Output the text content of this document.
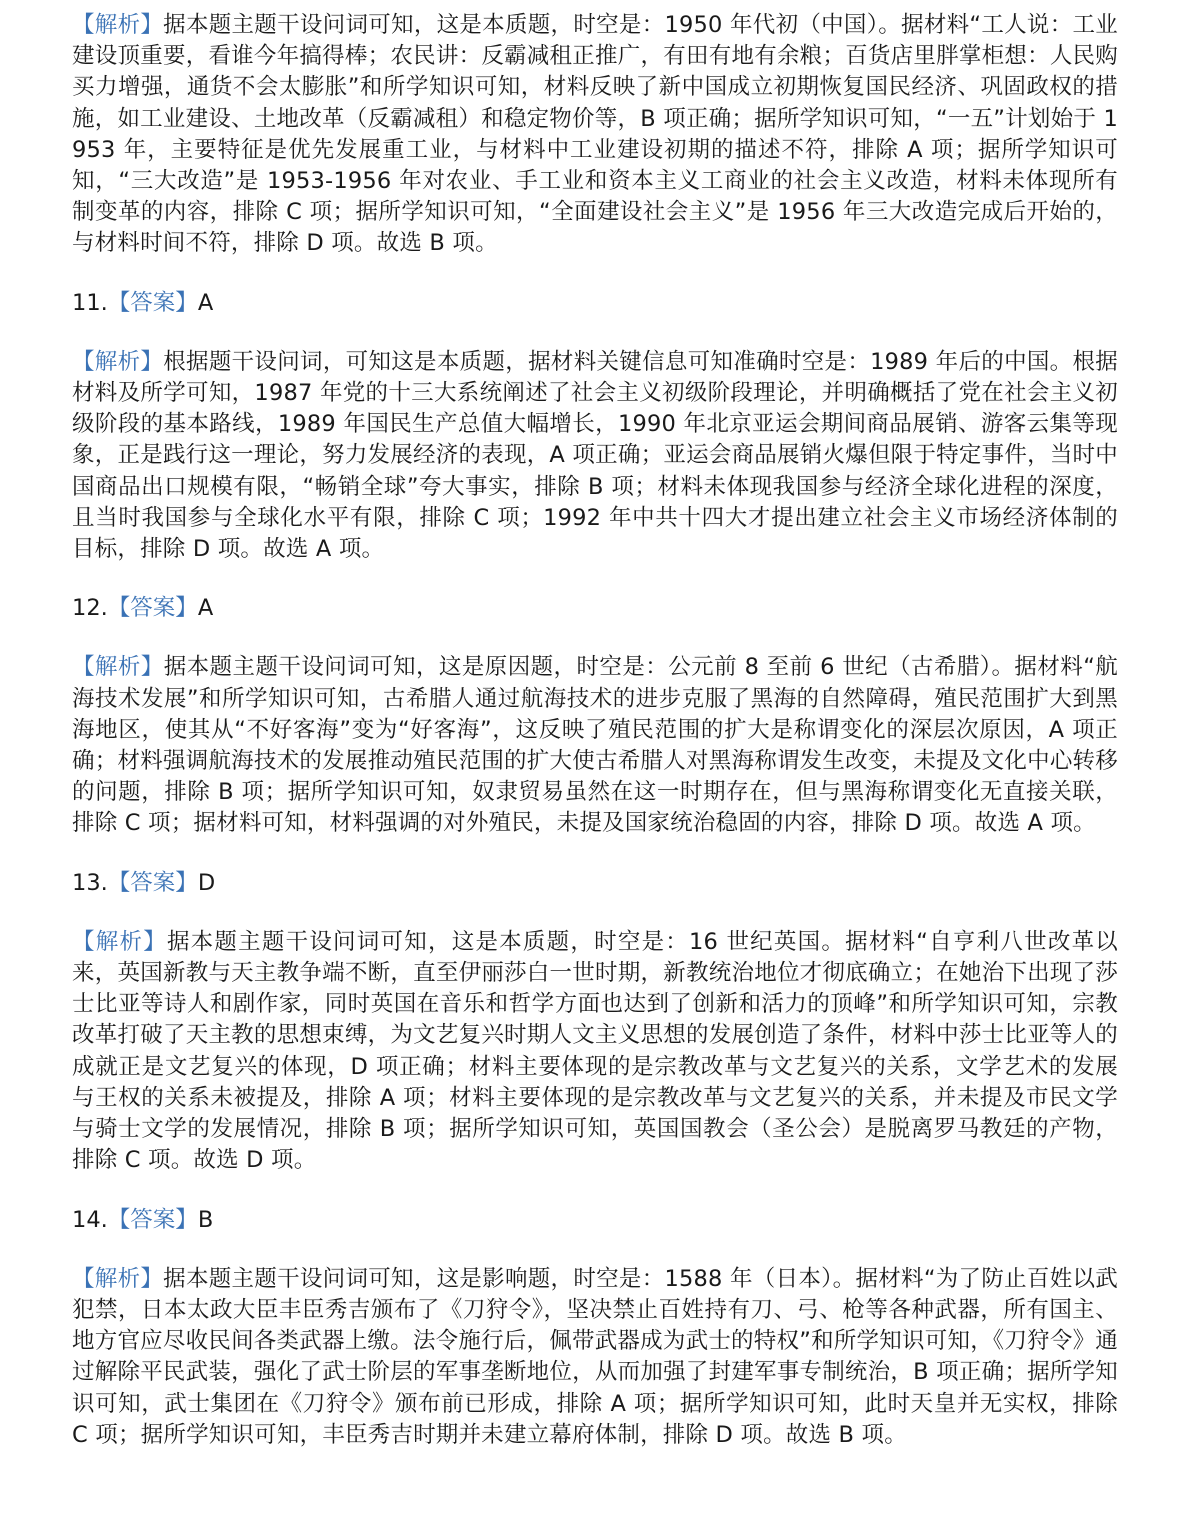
【解析】据本题主题干设问词可知，这是本质题，时空是：1950 年代初（中国）。据材料“工人说：工业建设顶重要，看谁今年搞得棒；农民讲：反霸减租正推广，有田有地有余粮；百货店里胖掌柜想：人民购买力增强，通货不会太膨胀”和所学知识可知，材料反映了新中国成立初期恢复国民经济、巩固政权的措施，如工业建设、土地改革（反霸减租）和稳定物价等，B 项正确；据所学知识可知，“一五”计划始于 1953 年，主要特征是优先发展重工业，与材料中工业建设初期的描述不符，排除 A 项；据所学知识可知，“三大改造”是 1953-1956 年对农业、手工业和资本主义工商业的社会主义改造，材料未体现所有制变革的内容，排除 C 项；据所学知识可知，“全面建设社会主义”是 1956 年三大改造完成后开始的，与材料时间不符，排除 D 项。故选 B 项。

11.【答案】A

【解析】根据题干设问词，可知这是本质题，据材料关键信息可知准确时空是：1989 年后的中国。根据材料及所学可知，1987 年党的十三大系统阐述了社会主义初级阶段理论，并明确概括了党在社会主义初级阶段的基本路线，1989 年国民生产总值大幅增长，1990 年北京亚运会期间商品展销、游客云集等现象，正是践行这一理论，努力发展经济的表现，A 项正确；亚运会商品展销火爆但限于特定事件，当时中国商品出口规模有限，“畅销全球”夸大事实，排除 B 项；材料未体现我国参与经济全球化进程的深度，且当时我国参与全球化水平有限，排除 C 项；1992 年中共十四大才提出建立社会主义市场经济体制的目标，排除 D 项。故选 A 项。

12.【答案】A

【解析】据本题主题干设问词可知，这是原因题，时空是：公元前 8 至前 6 世纪（古希腊）。据材料“航海技术发展”和所学知识可知，古希腊人通过航海技术的进步克服了黑海的自然障碍，殖民范围扩大到黑海地区，使其从“不好客海”变为“好客海”，这反映了殖民范围的扩大是称谓变化的深层次原因，A 项正确；材料强调航海技术的发展推动殖民范围的扩大使古希腊人对黑海称谓发生改变，未提及文化中心转移的问题，排除 B 项；据所学知识可知，奴隶贸易虽然在这一时期存在，但与黑海称谓变化无直接关联，排除 C 项；据材料可知，材料强调的对外殖民，未提及国家统治稳固的内容，排除 D 项。故选 A 项。

13.【答案】D

【解析】据本题主题干设问词可知，这是本质题，时空是：16 世纪英国。据材料“自亨利八世改革以来，英国新教与天主教争端不断，直至伊丽莎白一世时期，新教统治地位才彻底确立；在她治下出现了莎士比亚等诗人和剧作家，同时英国在音乐和哲学方面也达到了创新和活力的顶峰”和所学知识可知，宗教改革打破了天主教的思想束缚，为文艺复兴时期人文主义思想的发展创造了条件，材料中莎士比亚等人的成就正是文艺复兴的体现，D 项正确；材料主要体现的是宗教改革与文艺复兴的关系，文学艺术的发展与王权的关系未被提及，排除 A 项；材料主要体现的是宗教改革与文艺复兴的关系，并未提及市民文学与骑士文学的发展情况，排除 B 项；据所学知识可知，英国国教会（圣公会）是脱离罗马教廷的产物，排除 C 项。故选 D 项。

14.【答案】B

【解析】据本题主题干设问词可知，这是影响题，时空是：1588 年（日本）。据材料“为了防止百姓以武犯禁，日本太政大臣丰臣秀吉颁布了《刀狩令》，坚决禁止百姓持有刀、弓、枪等各种武器，所有国主、地方官应尽收民间各类武器上缴。法令施行后，佩带武器成为武士的特权”和所学知识可知，《刀狩令》通过解除平民武装，强化了武士阶层的军事垄断地位，从而加强了封建军事专制统治，B 项正确；据所学知识可知，武士集团在《刀狩令》颁布前已形成，排除 A 项；据所学知识可知，此时天皇并无实权，排除 C 项；据所学知识可知，丰臣秀吉时期并未建立幕府体制，排除 D 项。故选 B 项。
